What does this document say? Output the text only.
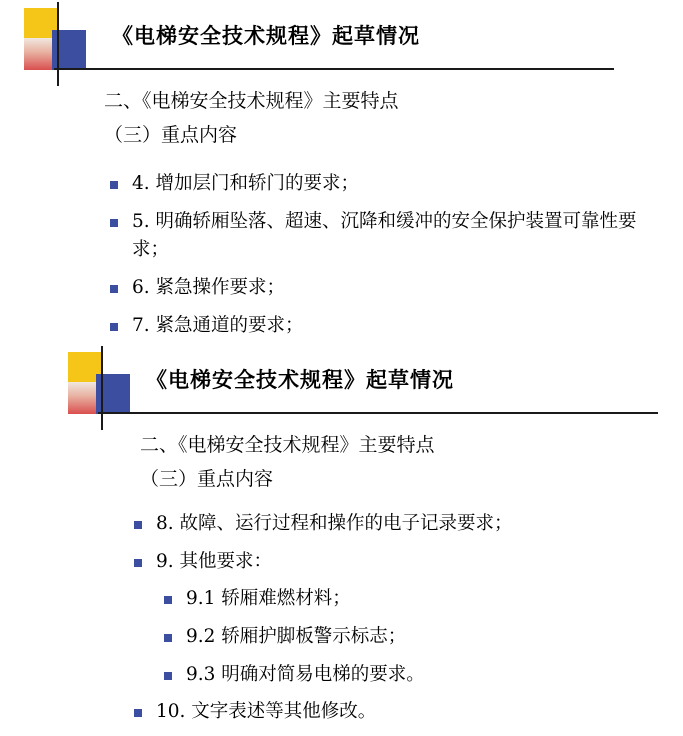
《电梯安全技术规程》起草情况
二、《电梯安全技术规程》主要特点
（三）重点内容
4. 增加层门和轿门的要求；
5. 明确轿厢坠落、超速、沉降和缓冲的安全保护装置可靠性要求；
6. 紧急操作要求；
7. 紧急通道的要求；
《电梯安全技术规程》起草情况
二、《电梯安全技术规程》主要特点
（三）重点内容
8. 故障、运行过程和操作的电子记录要求；
9. 其他要求：
9.1 轿厢难燃材料；
9.2 轿厢护脚板警示标志；
9.3 明确对简易电梯的要求。
10. 文字表述等其他修改。
